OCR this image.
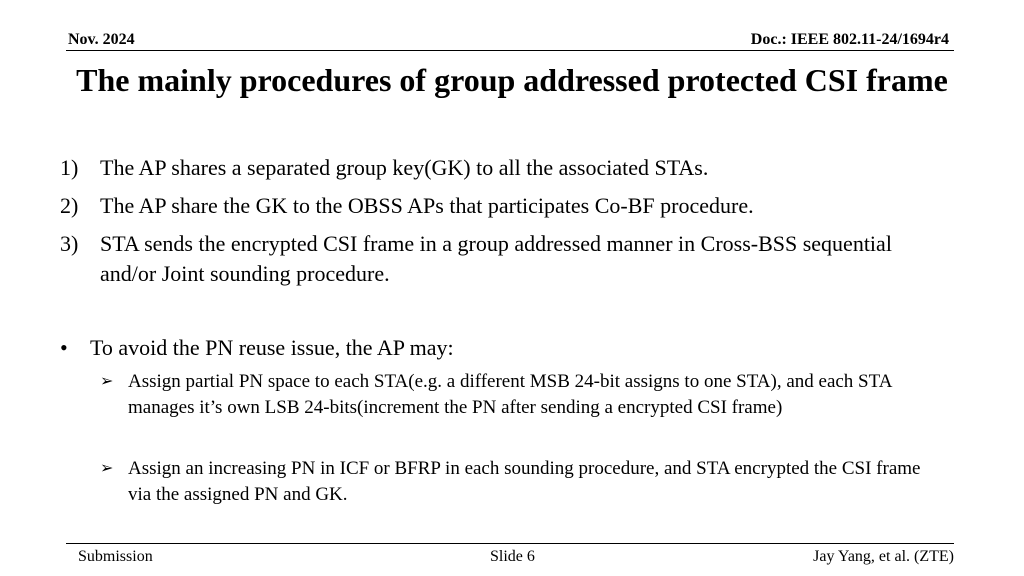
Nov. 2024	Doc.: IEEE 802.11-24/1694r4
The mainly procedures of group addressed protected CSI frame
1) The AP shares a separated group key(GK) to all the associated STAs.
2) The AP share the GK to the OBSS APs that participates Co-BF procedure.
3) STA sends the encrypted CSI frame in a group addressed manner in Cross-BSS sequential and/or Joint sounding procedure.
• To avoid the PN reuse issue, the AP may:
➢ Assign partial PN space to each STA(e.g. a different MSB 24-bit assigns to one STA), and each STA manages it’s own LSB 24-bits(increment the PN after sending a encrypted CSI frame)
➢ Assign an increasing PN in ICF or BFRP in each sounding procedure, and STA encrypted the CSI frame via the assigned PN and GK.
Submission	Slide 6	Jay Yang, et al. (ZTE)
